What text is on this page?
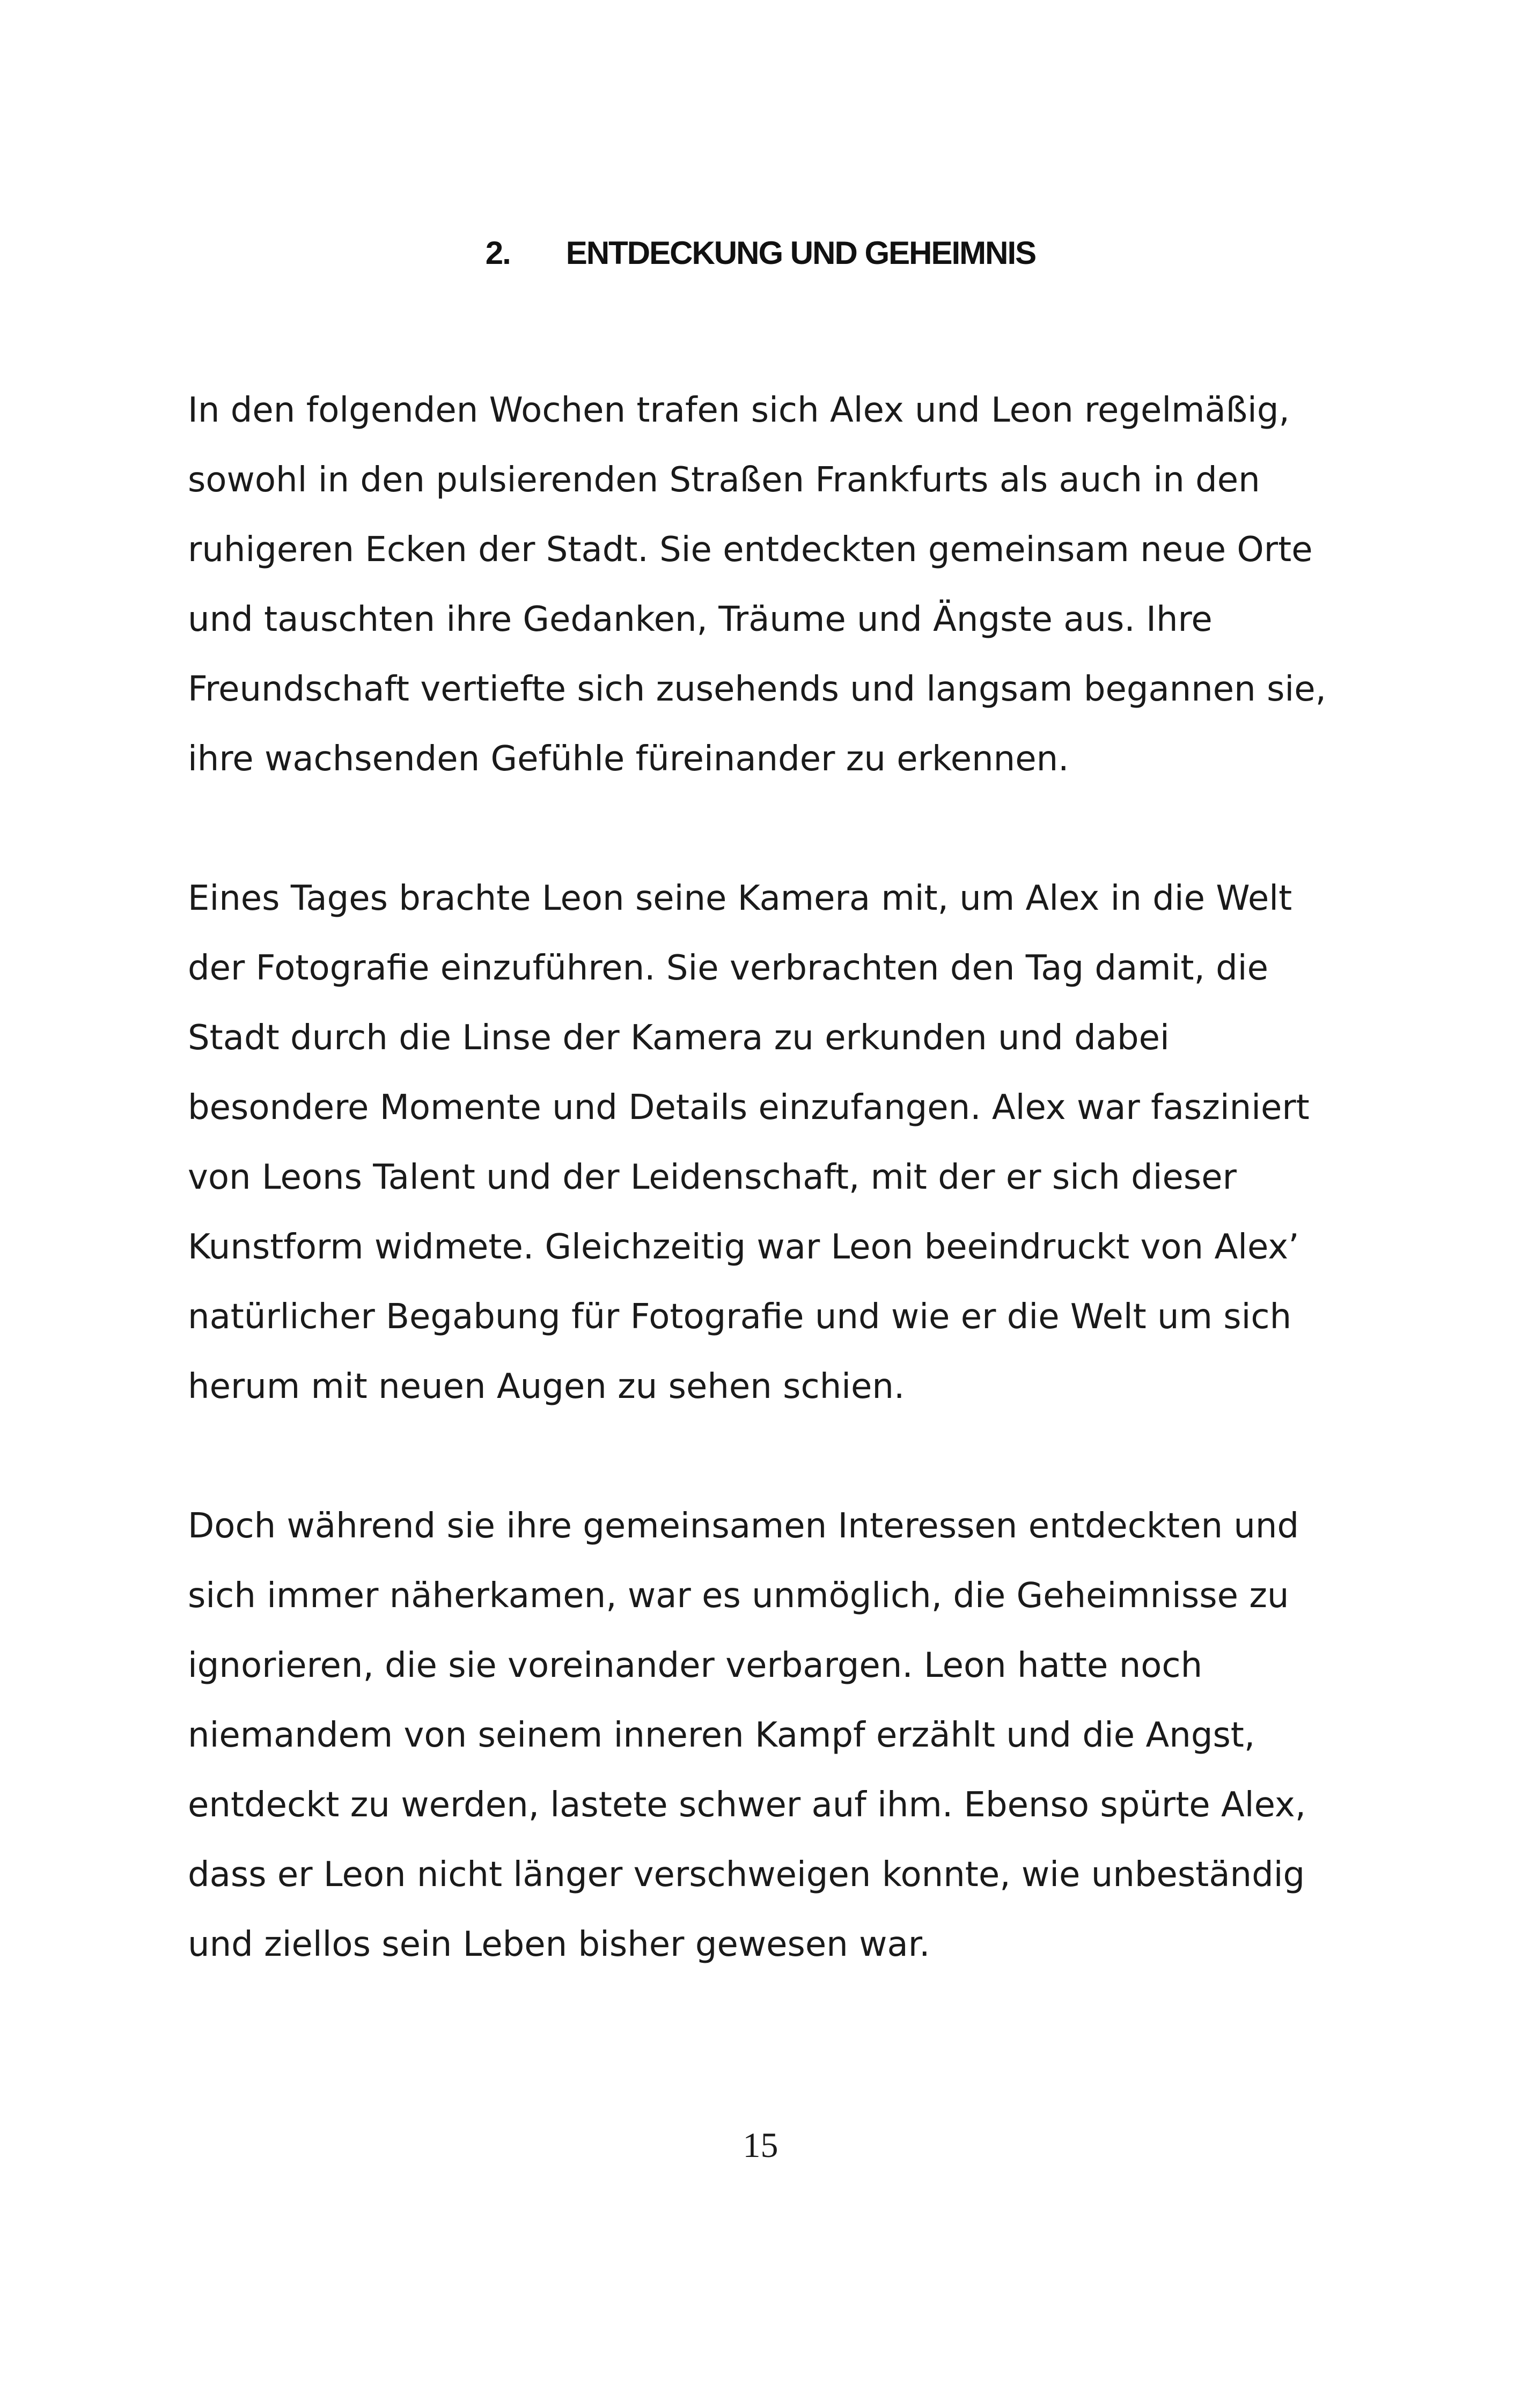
2.	ENTDECKUNG UND GEHEIMNIS
In den folgenden Wochen trafen sich Alex und Leon regelmäßig,
sowohl in den pulsierenden Straßen Frankfurts als auch in den
ruhigeren Ecken der Stadt. Sie entdeckten gemeinsam neue Orte
und tauschten ihre Gedanken, Träume und Ängste aus. Ihre
Freundschaft vertiefte sich zusehends und langsam begannen sie,
ihre wachsenden Gefühle füreinander zu erkennen.
Eines Tages brachte Leon seine Kamera mit, um Alex in die Welt
der Fotografie einzuführen. Sie verbrachten den Tag damit, die
Stadt durch die Linse der Kamera zu erkunden und dabei
besondere Momente und Details einzufangen. Alex war fasziniert
von Leons Talent und der Leidenschaft, mit der er sich dieser
Kunstform widmete. Gleichzeitig war Leon beeindruckt von Alex’
natürlicher Begabung für Fotografie und wie er die Welt um sich
herum mit neuen Augen zu sehen schien.
Doch während sie ihre gemeinsamen Interessen entdeckten und
sich immer näherkamen, war es unmöglich, die Geheimnisse zu
ignorieren, die sie voreinander verbargen. Leon hatte noch
niemandem von seinem inneren Kampf erzählt und die Angst,
entdeckt zu werden, lastete schwer auf ihm. Ebenso spürte Alex,
dass er Leon nicht länger verschweigen konnte, wie unbeständig
und ziellos sein Leben bisher gewesen war.
15
